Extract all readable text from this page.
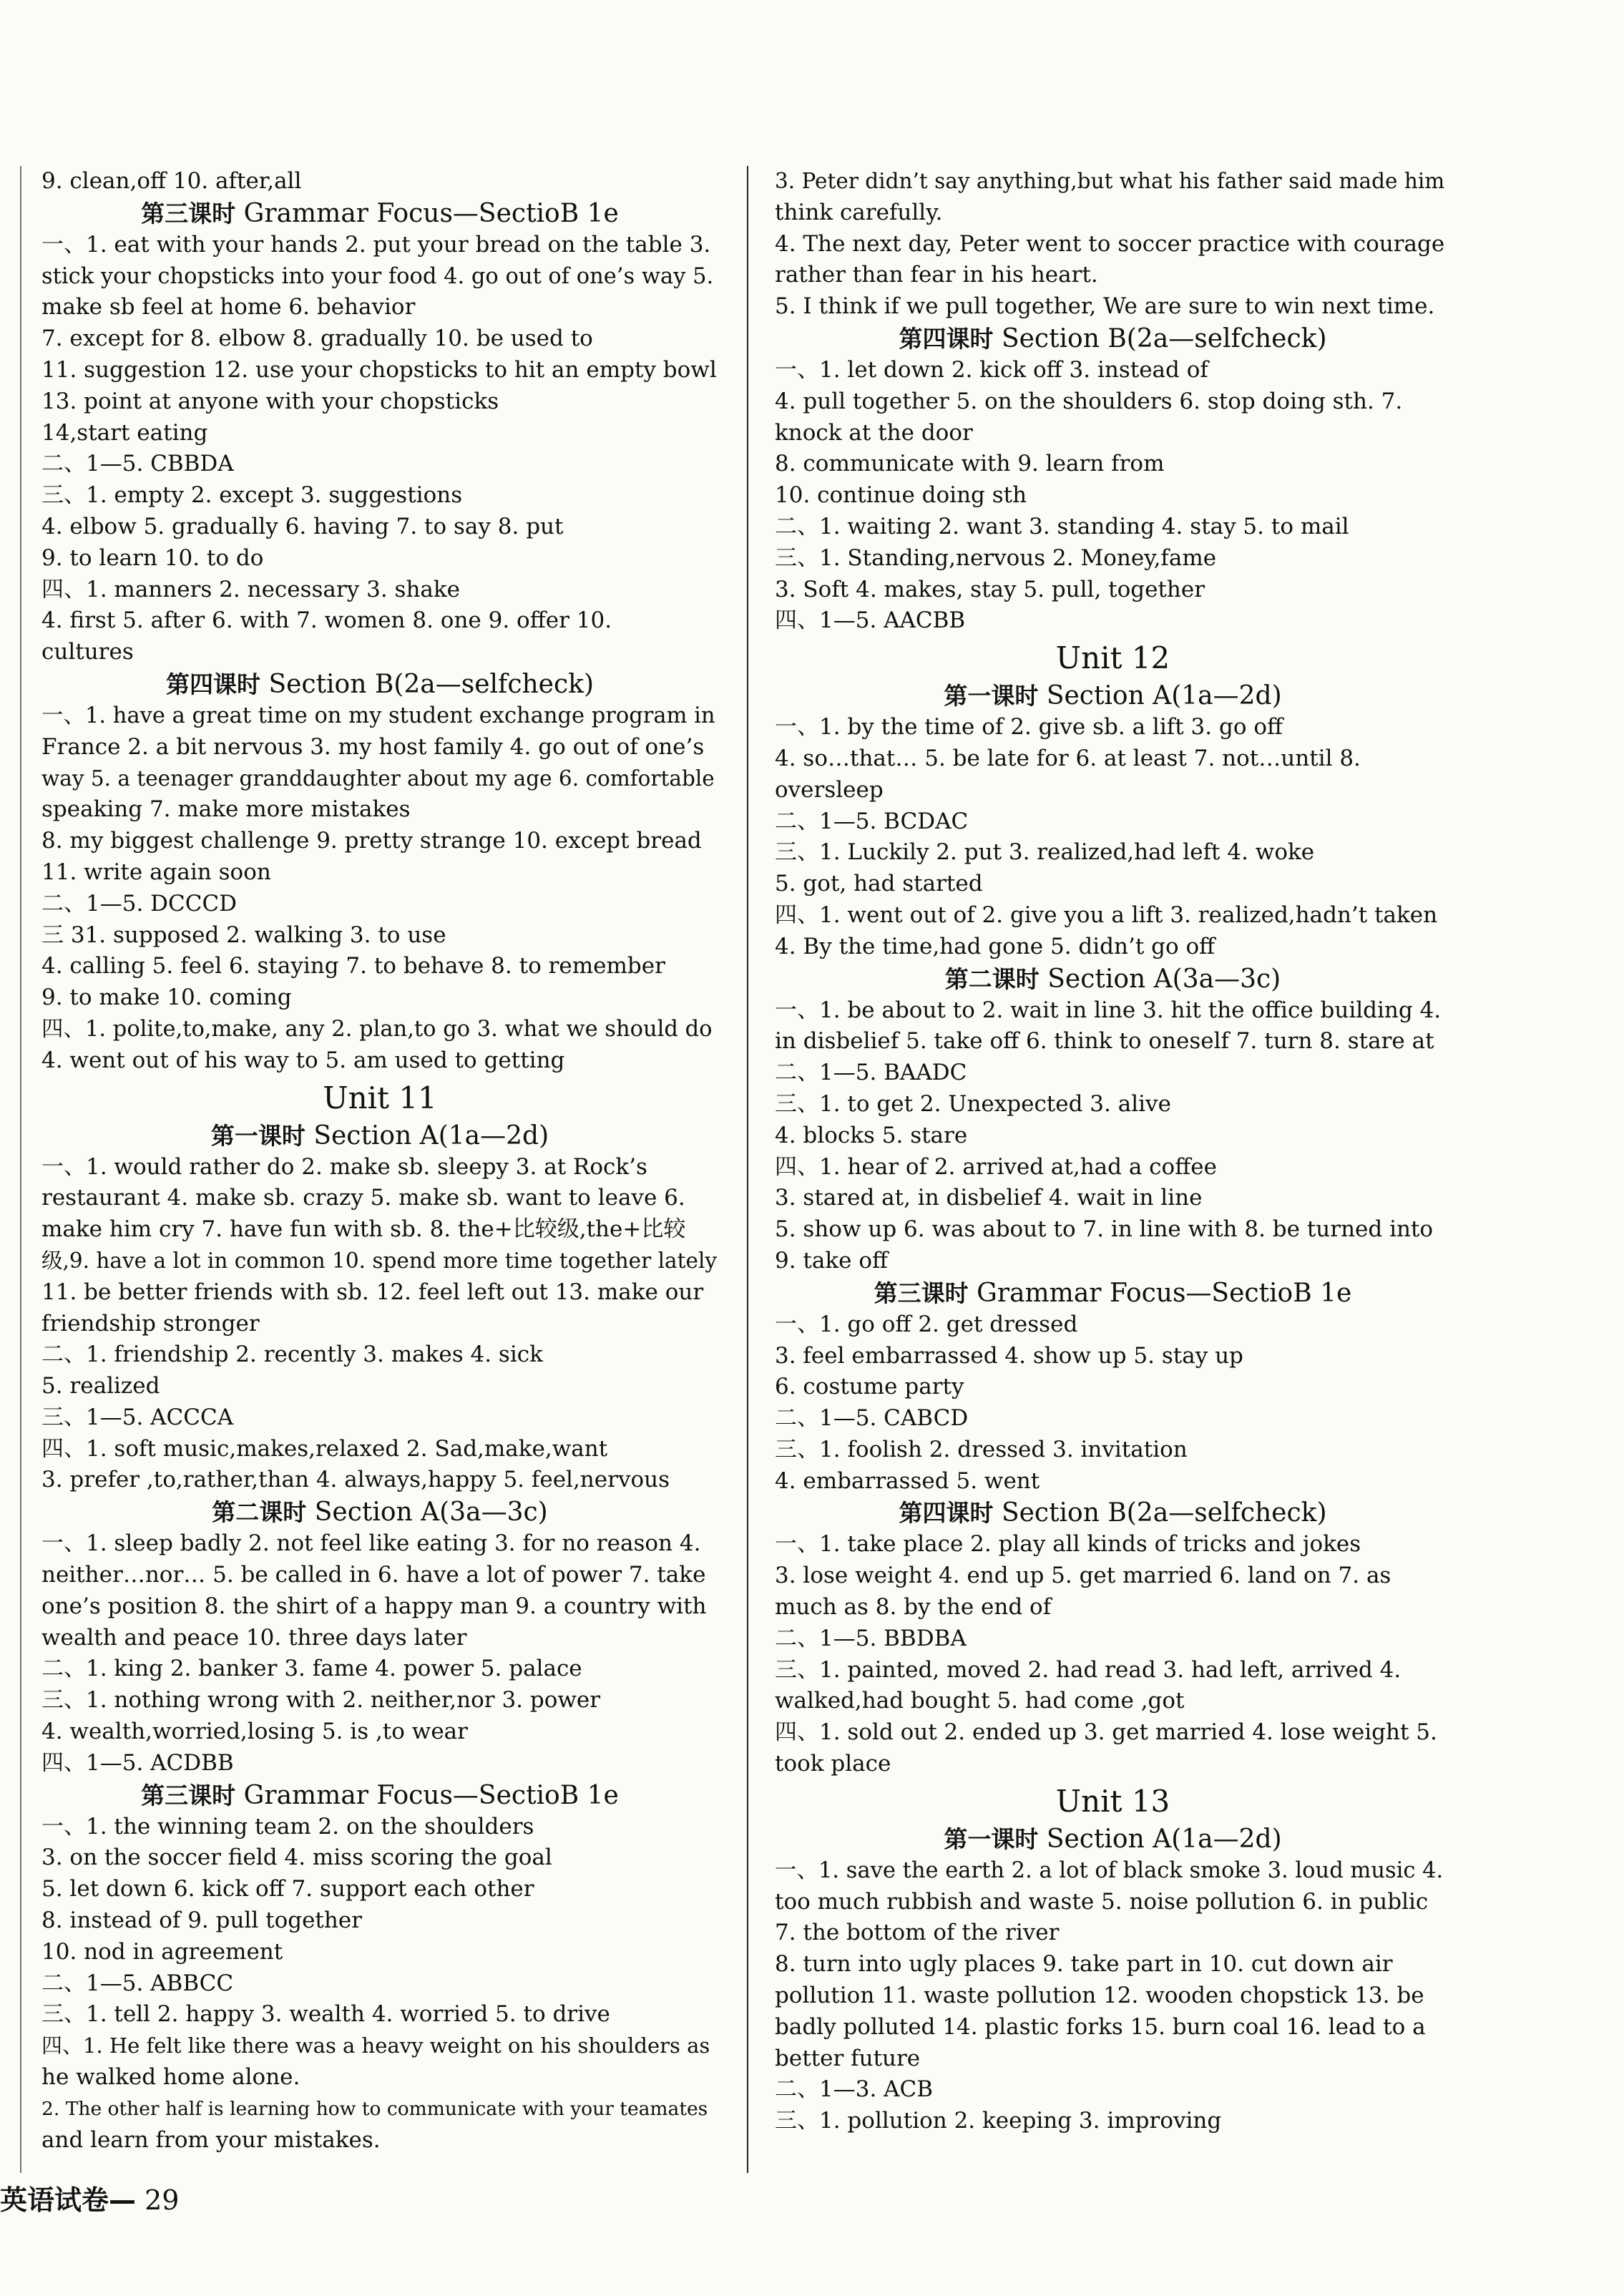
9. clean,off 10. after,all
第三课时 Grammar Focus—SectioB 1e
一、1. eat with your hands 2. put your bread on the table 3.
stick your chopsticks into your food 4. go out of one’s way 5.
make sb feel at home 6. behavior
7. except for 8. elbow 8. gradually 10. be used to
11. suggestion 12. use your chopsticks to hit an empty bowl
13. point at anyone with your chopsticks
14,start eating
二、1—5. CBBDA
三、1. empty 2. except 3. suggestions
4. elbow 5. gradually 6. having 7. to say 8. put
9. to learn 10. to do
四、1. manners 2. necessary 3. shake
4. first 5. after 6. with 7. women 8. one 9. offer 10.
cultures
第四课时 Section B(2a—selfcheck)
一、1. have a great time on my student exchange program in
France 2. a bit nervous 3. my host family 4. go out of one’s
way 5. a teenager granddaughter about my age 6. comfortable
speaking 7. make more mistakes
8. my biggest challenge 9. pretty strange 10. except bread
11. write again soon
二、1—5. DCCCD
三 31. supposed 2. walking 3. to use
4. calling 5. feel 6. staying 7. to behave 8. to remember
9. to make 10. coming
四、1. polite,to,make, any 2. plan,to go 3. what we should do
4. went out of his way to 5. am used to getting
Unit 11
第一课时 Section A(1a—2d)
一、1. would rather do 2. make sb. sleepy 3. at Rock’s
restaurant 4. make sb. crazy 5. make sb. want to leave 6.
make him cry 7. have fun with sb. 8. the+比较级,the+比较
级,9. have a lot in common 10. spend more time together lately
11. be better friends with sb. 12. feel left out 13. make our
friendship stronger
二、1. friendship 2. recently 3. makes 4. sick
5. realized
三、1—5. ACCCA
四、1. soft music,makes,relaxed 2. Sad,make,want
3. prefer ,to,rather,than 4. always,happy 5. feel,nervous
第二课时 Section A(3a—3c)
一、1. sleep badly 2. not feel like eating 3. for no reason 4.
neither…nor… 5. be called in 6. have a lot of power 7. take
one’s position 8. the shirt of a happy man 9. a country with
wealth and peace 10. three days later
二、1. king 2. banker 3. fame 4. power 5. palace
三、1. nothing wrong with 2. neither,nor 3. power
4. wealth,worried,losing 5. is ,to wear
四、1—5. ACDBB
第三课时 Grammar Focus—SectioB 1e
一、1. the winning team 2. on the shoulders
3. on the soccer field 4. miss scoring the goal
5. let down 6. kick off 7. support each other
8. instead of 9. pull together
10. nod in agreement
二、1—5. ABBCC
三、1. tell 2. happy 3. wealth 4. worried 5. to drive
四、1. He felt like there was a heavy weight on his shoulders as
he walked home alone.
2. The other half is learning how to communicate with your teamates
and learn from your mistakes.
3. Peter didn’t say anything,but what his father said made him
think carefully.
4. The next day, Peter went to soccer practice with courage
rather than fear in his heart.
5. I think if we pull together, We are sure to win next time.
第四课时 Section B(2a—selfcheck)
一、1. let down 2. kick off 3. instead of
4. pull together 5. on the shoulders 6. stop doing sth. 7.
knock at the door
8. communicate with 9. learn from
10. continue doing sth
二、1. waiting 2. want 3. standing 4. stay 5. to mail
三、1. Standing,nervous 2. Money,fame
3. Soft 4. makes, stay 5. pull, together
四、1—5. AACBB
Unit 12
第一课时 Section A(1a—2d)
一、1. by the time of 2. give sb. a lift 3. go off
4. so…that… 5. be late for 6. at least 7. not…until 8.
oversleep
二、1—5. BCDAC
三、1. Luckily 2. put 3. realized,had left 4. woke
5. got, had started
四、1. went out of 2. give you a lift 3. realized,hadn’t taken
4. By the time,had gone 5. didn’t go off
第二课时 Section A(3a—3c)
一、1. be about to 2. wait in line 3. hit the office building 4.
in disbelief 5. take off 6. think to oneself 7. turn 8. stare at
二、1—5. BAADC
三、1. to get 2. Unexpected 3. alive
4. blocks 5. stare
四、1. hear of 2. arrived at,had a coffee
3. stared at, in disbelief 4. wait in line
5. show up 6. was about to 7. in line with 8. be turned into
9. take off
第三课时 Grammar Focus—SectioB 1e
一、1. go off 2. get dressed
3. feel embarrassed 4. show up 5. stay up
6. costume party
二、1—5. CABCD
三、1. foolish 2. dressed 3. invitation
4. embarrassed 5. went
第四课时 Section B(2a—selfcheck)
一、1. take place 2. play all kinds of tricks and jokes
3. lose weight 4. end up 5. get married 6. land on 7. as
much as 8. by the end of
二、1—5. BBDBA
三、1. painted, moved 2. had read 3. had left, arrived 4.
walked,had bought 5. had come ,got
四、1. sold out 2. ended up 3. get married 4. lose weight 5.
took place
Unit 13
第一课时 Section A(1a—2d)
一、1. save the earth 2. a lot of black smoke 3. loud music 4.
too much rubbish and waste 5. noise pollution 6. in public
7. the bottom of the river
8. turn into ugly places 9. take part in 10. cut down air
pollution 11. waste pollution 12. wooden chopstick 13. be
badly polluted 14. plastic forks 15. burn coal 16. lead to a
better future
二、1—3. ACB
三、1. pollution 2. keeping 3. improving
英语试卷— 29
